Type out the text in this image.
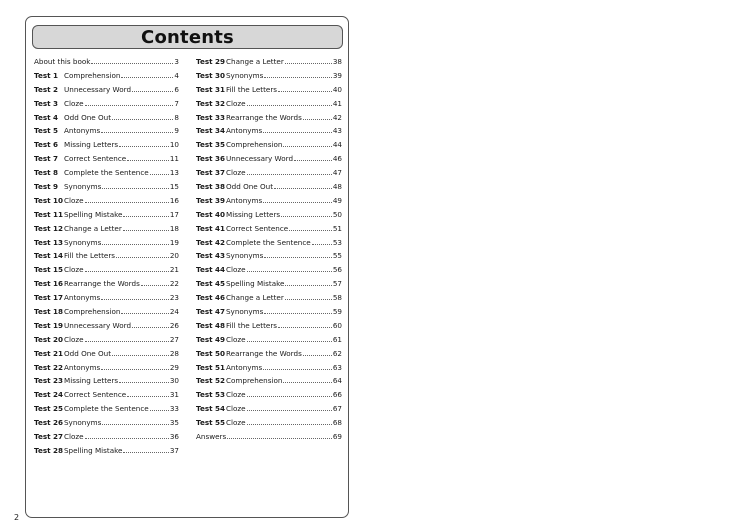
Contents
About this book	3
Test 1 Comprehension	4
Test 2 Unnecessary Word	6
Test 3 Cloze	7
Test 4 Odd One Out	8
Test 5 Antonyms	9
Test 6 Missing Letters	10
Test 7 Correct Sentence	11
Test 8 Complete the Sentence	13
Test 9 Synonyms	15
Test 10 Cloze	16
Test 11 Spelling Mistake	17
Test 12 Change a Letter	18
Test 13 Synonyms	19
Test 14 Fill the Letters	20
Test 15 Cloze	21
Test 16 Rearrange the Words	22
Test 17 Antonyms	23
Test 18 Comprehension	24
Test 19 Unnecessary Word	26
Test 20 Cloze	27
Test 21 Odd One Out	28
Test 22 Antonyms	29
Test 23 Missing Letters	30
Test 24 Correct Sentence	31
Test 25 Complete the Sentence	33
Test 26 Synonyms	35
Test 27 Cloze	36
Test 28 Spelling Mistake	37
Test 29 Change a Letter	38
Test 30 Synonyms	39
Test 31 Fill the Letters	40
Test 32 Cloze	41
Test 33 Rearrange the Words	42
Test 34 Antonyms	43
Test 35 Comprehension	44
Test 36 Unnecessary Word	46
Test 37 Cloze	47
Test 38 Odd One Out	48
Test 39 Antonyms	49
Test 40 Missing Letters	50
Test 41 Correct Sentence	51
Test 42 Complete the Sentence	53
Test 43 Synonyms	55
Test 44 Cloze	56
Test 45 Spelling Mistake	57
Test 46 Change a Letter	58
Test 47 Synonyms	59
Test 48 Fill the Letters	60
Test 49 Cloze	61
Test 50 Rearrange the Words	62
Test 51 Antonyms	63
Test 52 Comprehension	64
Test 53 Cloze	66
Test 54 Cloze	67
Test 55 Cloze	68
Answers	69
2
